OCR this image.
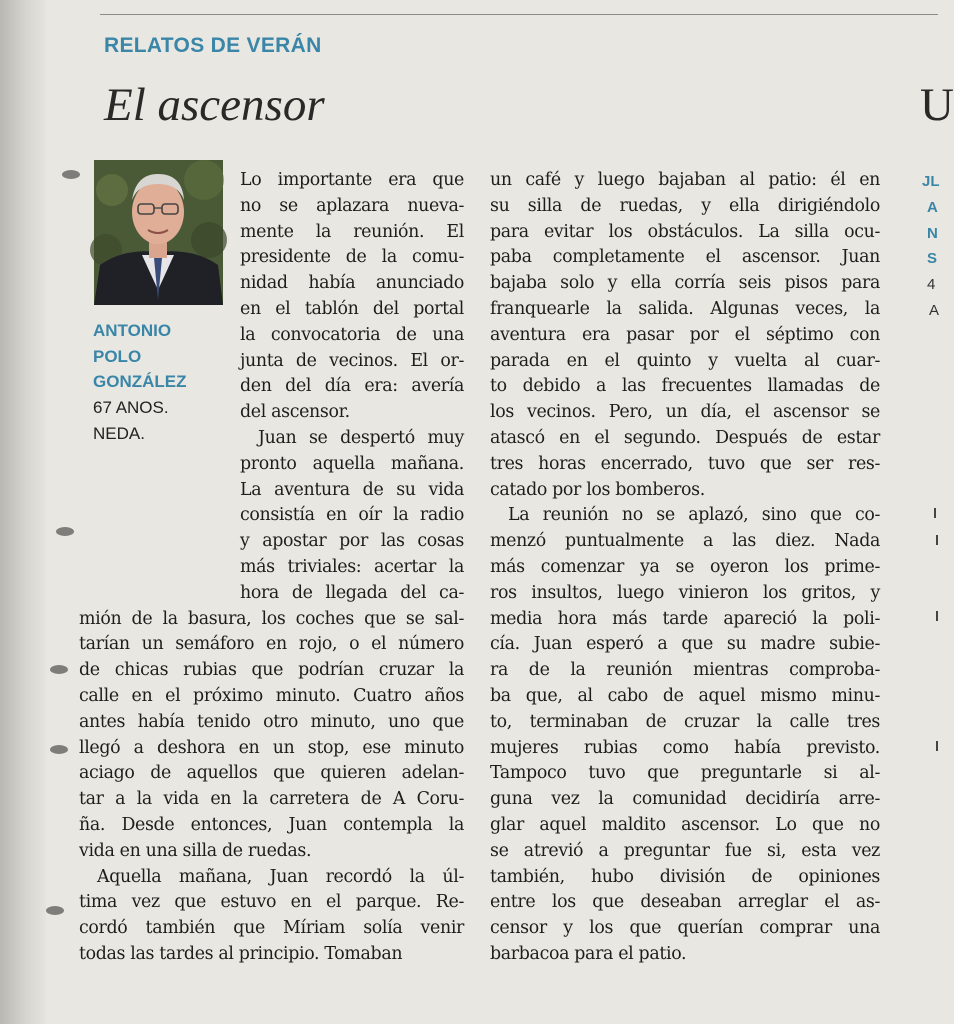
RELATOS DE VERÁN
El ascensor
ANTONIO
POLO
GONZÁLEZ
67 ANOS.
NEDA.

Lo importante era que

no se aplazara nueva-

mente la reunión. El

presidente de la comu-

nidad había anunciado

en el tablón del portal

la convocatoria de una

junta de vecinos. El or-

den del día era: avería

del ascensor.

Juan se despertó muy

pronto aquella mañana.

La aventura de su vida

consistía en oír la radio

y apostar por las cosas

más triviales: acertar la

hora de llegada del ca-

mión de la basura, los coches que se sal-

tarían un semáforo en rojo, o el número

de chicas rubias que podrían cruzar la

calle en el próximo minuto. Cuatro años

antes había tenido otro minuto, uno que

llegó a deshora en un stop, ese minuto

aciago de aquellos que quieren adelan-

tar a la vida en la carretera de A Coru-

ña. Desde entonces, Juan contempla la

vida en una silla de ruedas.

Aquella mañana, Juan recordó la úl-

tima vez que estuvo en el parque. Re-

cordó también que Míriam solía venir

todas las tardes al principio. Tomaban

un café y luego bajaban al patio: él en

su silla de ruedas, y ella dirigiéndolo

para evitar los obstáculos. La silla ocu-

paba completamente el ascensor. Juan

bajaba solo y ella corría seis pisos para

franquearle la salida. Algunas veces, la

aventura era pasar por el séptimo con

parada en el quinto y vuelta al cuar-

to debido a las frecuentes llamadas de

los vecinos. Pero, un día, el ascensor se

atascó en el segundo. Después de estar

tres horas encerrado, tuvo que ser res-

catado por los bomberos.

La reunión no se aplazó, sino que co-

menzó puntualmente a las diez. Nada

más comenzar ya se oyeron los prime-

ros insultos, luego vinieron los gritos, y

media hora más tarde apareció la poli-

cía. Juan esperó a que su madre subie-

ra de la reunión mientras comproba-

ba que, al cabo de aquel mismo minu-

to, terminaban de cruzar la calle tres

mujeres rubias como había previsto.

Tampoco tuvo que preguntarle si al-

guna vez la comunidad decidiría arre-

glar aquel maldito ascensor. Lo que no

se atrevió a preguntar fue si, esta vez

también, hubo división de opiniones

entre los que deseaban arreglar el as-

censor y los que querían comprar una

barbacoa para el patio.

U
JL
A
N
S
4
A
